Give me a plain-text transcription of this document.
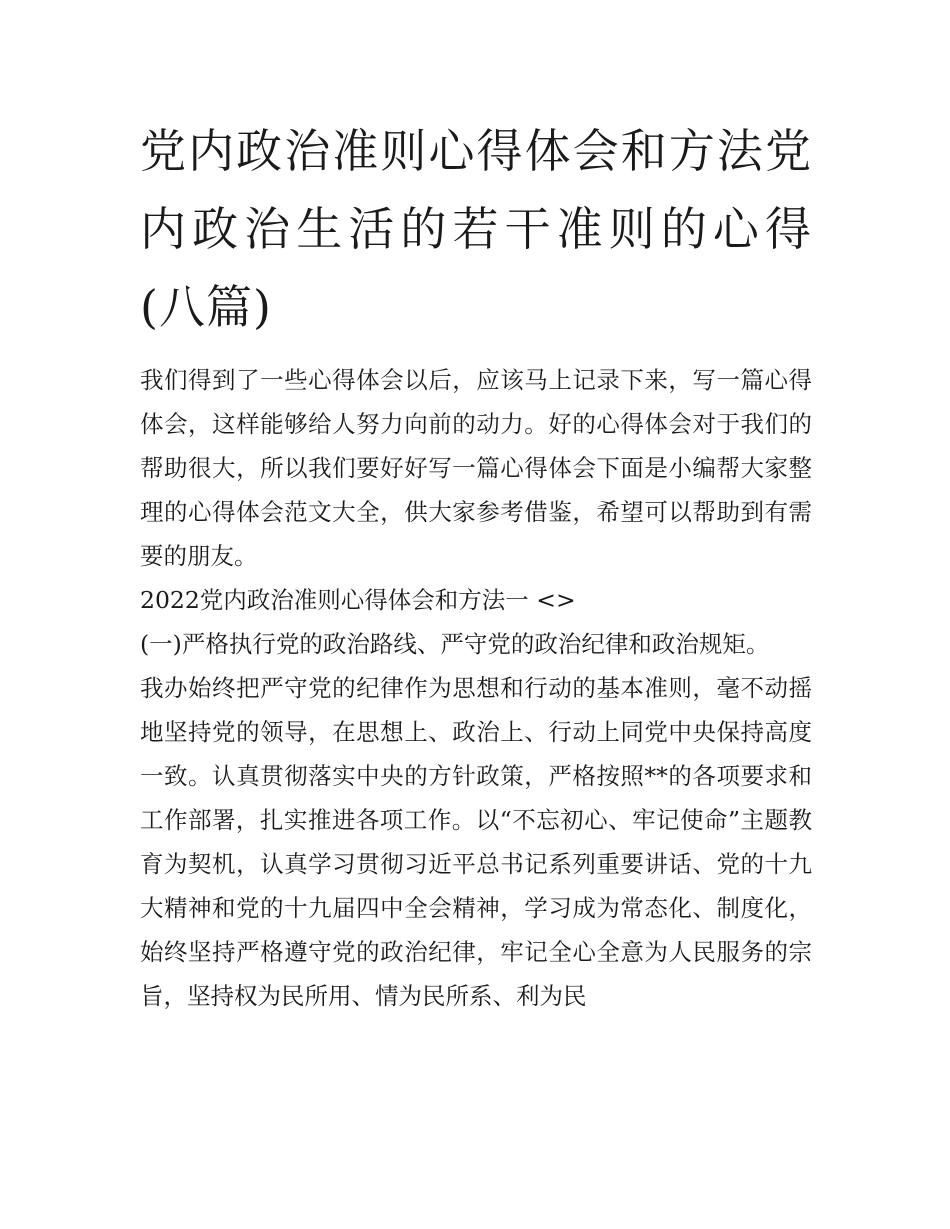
党内政治准则心得体会和方法党内政治生活的若干准则的心得(八篇)

我们得到了一些心得体会以后，应该马上记录下来，写一篇心得体会，这样能够给人努力向前的动力。好的心得体会对于我们的帮助很大，所以我们要好好写一篇心得体会下面是小编帮大家整理的心得体会范文大全，供大家参考借鉴，希望可以帮助到有需要的朋友。

2022党内政治准则心得体会和方法一 <>

(一)严格执行党的政治路线、严守党的政治纪律和政治规矩。

我办始终把严守党的纪律作为思想和行动的基本准则，毫不动摇地坚持党的领导，在思想上、政治上、行动上同党中央保持高度一致。认真贯彻落实中央的方针政策，严格按照**的各项要求和工作部署，扎实推进各项工作。以“不忘初心、牢记使命”主题教育为契机，认真学习贯彻习近平总书记系列重要讲话、党的十九大精神和党的十九届四中全会精神，学习成为常态化、制度化，始终坚持严格遵守党的政治纪律，牢记全心全意为人民服务的宗旨，坚持权为民所用、情为民所系、利为民
